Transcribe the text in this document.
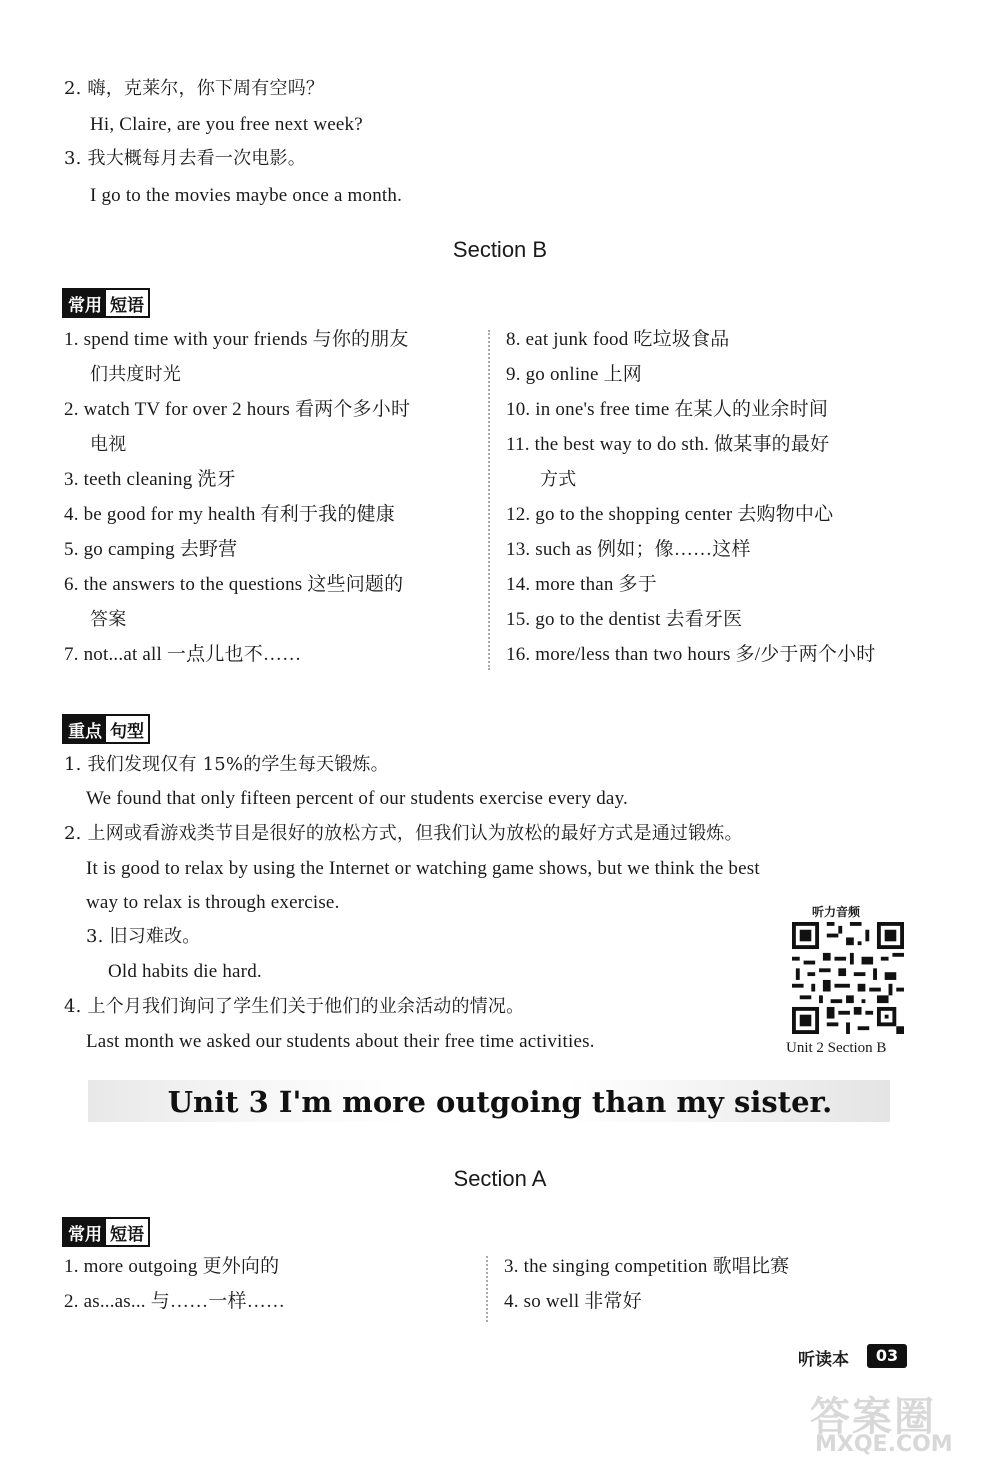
2. 嗨，克莱尔，你下周有空吗？
Hi, Claire, are you free next week?
3. 我大概每月去看一次电影。
I go to the movies maybe once a month.
Section B
常用 短语
1. spend time with your friends 与你的朋友
们共度时光
2. watch TV for over 2 hours 看两个多小时
电视
3. teeth cleaning 洗牙
4. be good for my health 有利于我的健康
5. go camping 去野营
6. the answers to the questions 这些问题的
答案
7. not...at all 一点儿也不……
8. eat junk food 吃垃圾食品
9. go online 上网
10. in one's free time 在某人的业余时间
11. the best way to do sth. 做某事的最好
方式
12. go to the shopping center 去购物中心
13. such as 例如；像……这样
14. more than 多于
15. go to the dentist 去看牙医
16. more/less than two hours 多/少于两个小时
重点 句型
1. 我们发现仅有 15%的学生每天锻炼。
We found that only fifteen percent of our students exercise every day.
2. 上网或看游戏类节目是很好的放松方式，但我们认为放松的最好方式是通过锻炼。
It is good to relax by using the Internet or watching game shows, but we think the best
way to relax is through exercise.
3. 旧习难改。
Old habits die hard.
4. 上个月我们询问了学生们关于他们的业余活动的情况。
Last month we asked our students about their free time activities.
听力音频
Unit 2 Section B
Unit 3 I'm more outgoing than my sister.
Section A
常用 短语
1. more outgoing 更外向的
2. as...as... 与……一样……
3. the singing competition 歌唱比赛
4. so well 非常好
听读本	03
答案圈
MXQE.COM
